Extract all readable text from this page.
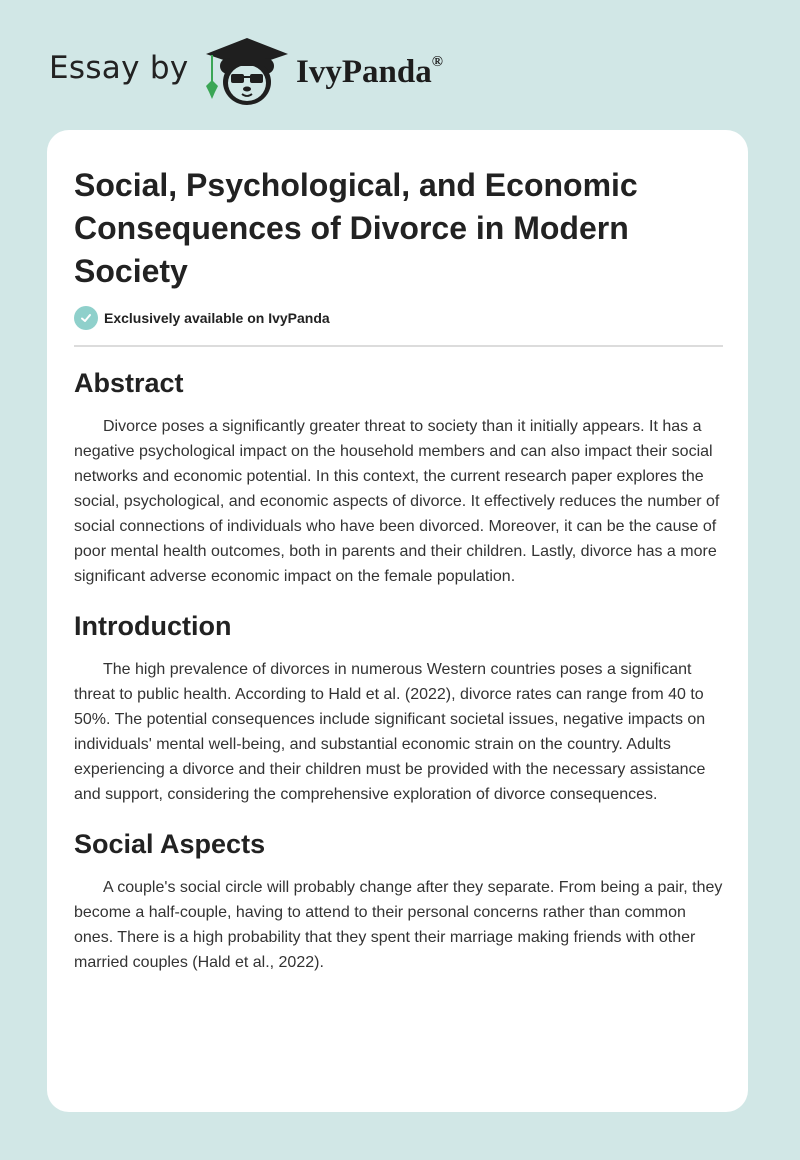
Essay by	IvyPanda®
Social, Psychological, and Economic Consequences of Divorce in Modern Society
Exclusively available on IvyPanda
Abstract

Divorce poses a significantly greater threat to society than it initially appears. It has a negative psychological impact on the household members and can also impact their social networks and economic potential. In this context, the current research paper explores the social, psychological, and economic aspects of divorce. It effectively reduces the number of social connections of individuals who have been divorced. Moreover, it can be the cause of poor mental health outcomes, both in parents and their children. Lastly, divorce has a more significant adverse economic impact on the female population.

Introduction

The high prevalence of divorces in numerous Western countries poses a significant threat to public health. According to Hald et al. (2022), divorce rates can range from 40 to 50%. The potential consequences include significant societal issues, negative impacts on individuals' mental well-being, and substantial economic strain on the country. Adults experiencing a divorce and their children must be provided with the necessary assistance and support, considering the comprehensive exploration of divorce consequences.

Social Aspects

A couple's social circle will probably change after they separate. From being a pair, they become a half-couple, having to attend to their personal concerns rather than common ones. There is a high probability that they spent their marriage making friends with other married couples (Hald et al., 2022).
